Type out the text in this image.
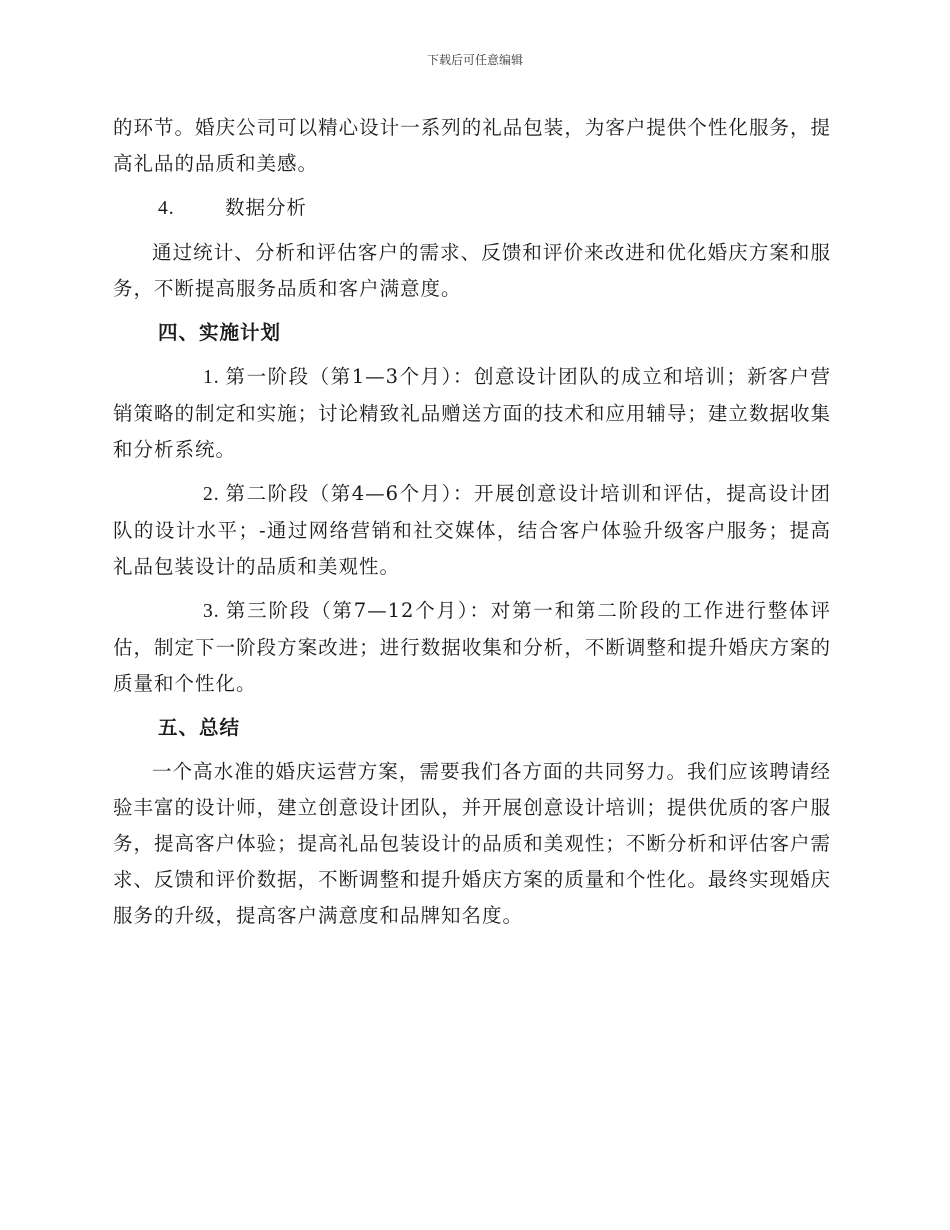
下载后可任意编辑

的环节。婚庆公司可以精心设计一系列的礼品包装，为客户提供个性化服务，提高礼品的品质和美感。

4.	数据分析

通过统计、分析和评估客户的需求、反馈和评价来改进和优化婚庆方案和服务，不断提高服务品质和客户满意度。

四、实施计划

1. 第一阶段（第1—3个月）：创意设计团队的成立和培训；新客户营销策略的制定和实施；讨论精致礼品赠送方面的技术和应用辅导；建立数据收集和分析系统。

2. 第二阶段（第4—6个月）：开展创意设计培训和评估，提高设计团队的设计水平；-通过网络营销和社交媒体，结合客户体验升级客户服务；提高礼品包装设计的品质和美观性。

3. 第三阶段（第7—12个月）：对第一和第二阶段的工作进行整体评估，制定下一阶段方案改进；进行数据收集和分析，不断调整和提升婚庆方案的质量和个性化。

五、总结

一个高水准的婚庆运营方案，需要我们各方面的共同努力。我们应该聘请经验丰富的设计师，建立创意设计团队，并开展创意设计培训；提供优质的客户服务，提高客户体验；提高礼品包装设计的品质和美观性；不断分析和评估客户需求、反馈和评价数据，不断调整和提升婚庆方案的质量和个性化。最终实现婚庆服务的升级，提高客户满意度和品牌知名度。
